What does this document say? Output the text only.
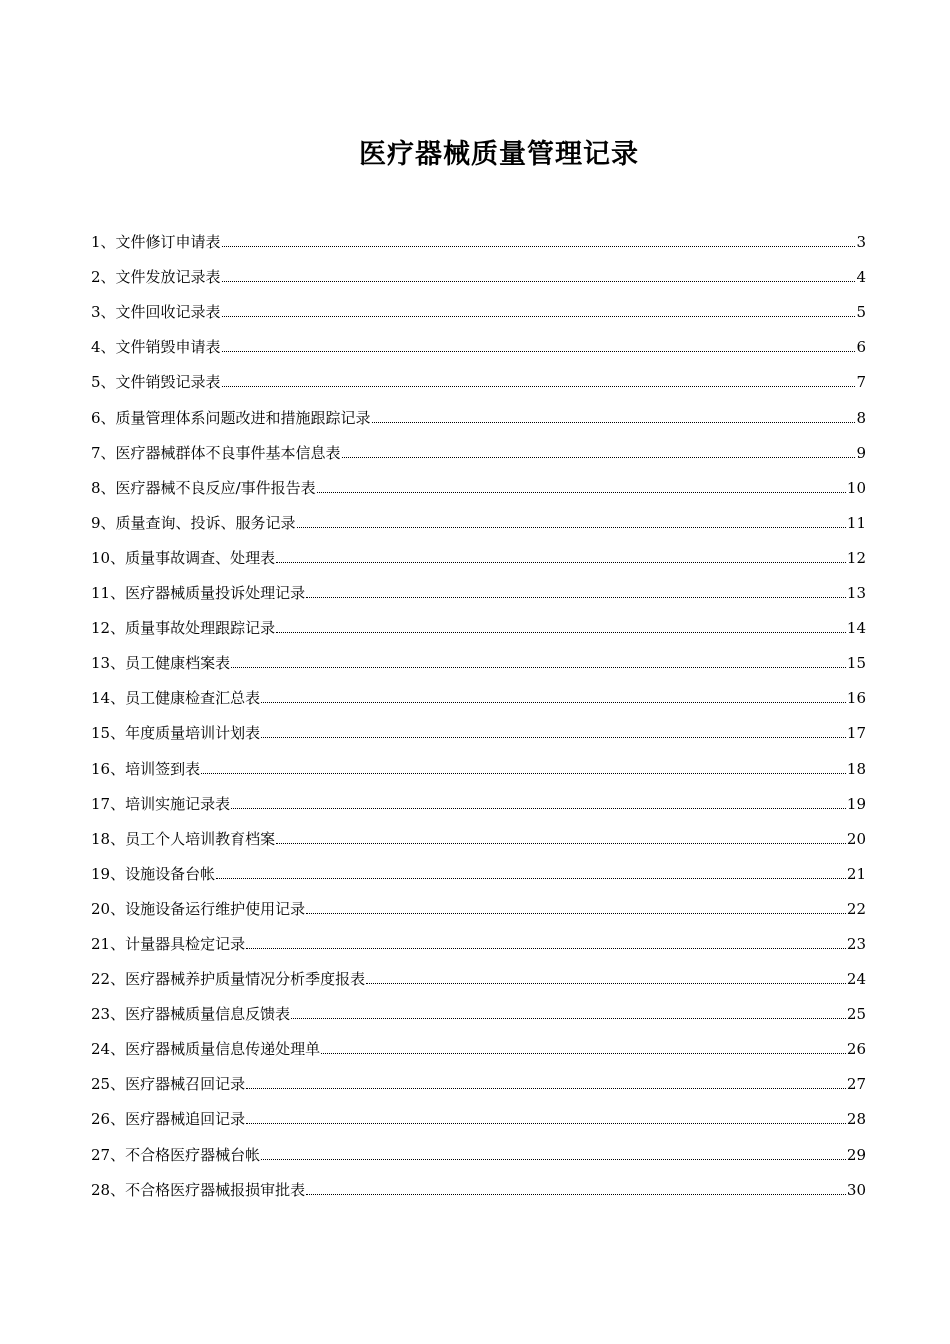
医疗器械质量管理记录
1、文件修订申请表	3
2、文件发放记录表	4
3、文件回收记录表	5
4、文件销毁申请表	6
5、文件销毁记录表	7
6、质量管理体系问题改进和措施跟踪记录	8
7、医疗器械群体不良事件基本信息表	9
8、医疗器械不良反应/事件报告表	10
9、质量查询、投诉、服务记录	11
10、质量事故调查、处理表	12
11、医疗器械质量投诉处理记录	13
12、质量事故处理跟踪记录	14
13、员工健康档案表	15
14、员工健康检查汇总表	16
15、年度质量培训计划表	17
16、培训签到表	18
17、培训实施记录表	19
18、员工个人培训教育档案	20
19、设施设备台帐	21
20、设施设备运行维护使用记录	22
21、计量器具检定记录	23
22、医疗器械养护质量情况分析季度报表	24
23、医疗器械质量信息反馈表	25
24、医疗器械质量信息传递处理单	26
25、医疗器械召回记录	27
26、医疗器械追回记录	28
27、不合格医疗器械台帐	29
28、不合格医疗器械报损审批表	30
